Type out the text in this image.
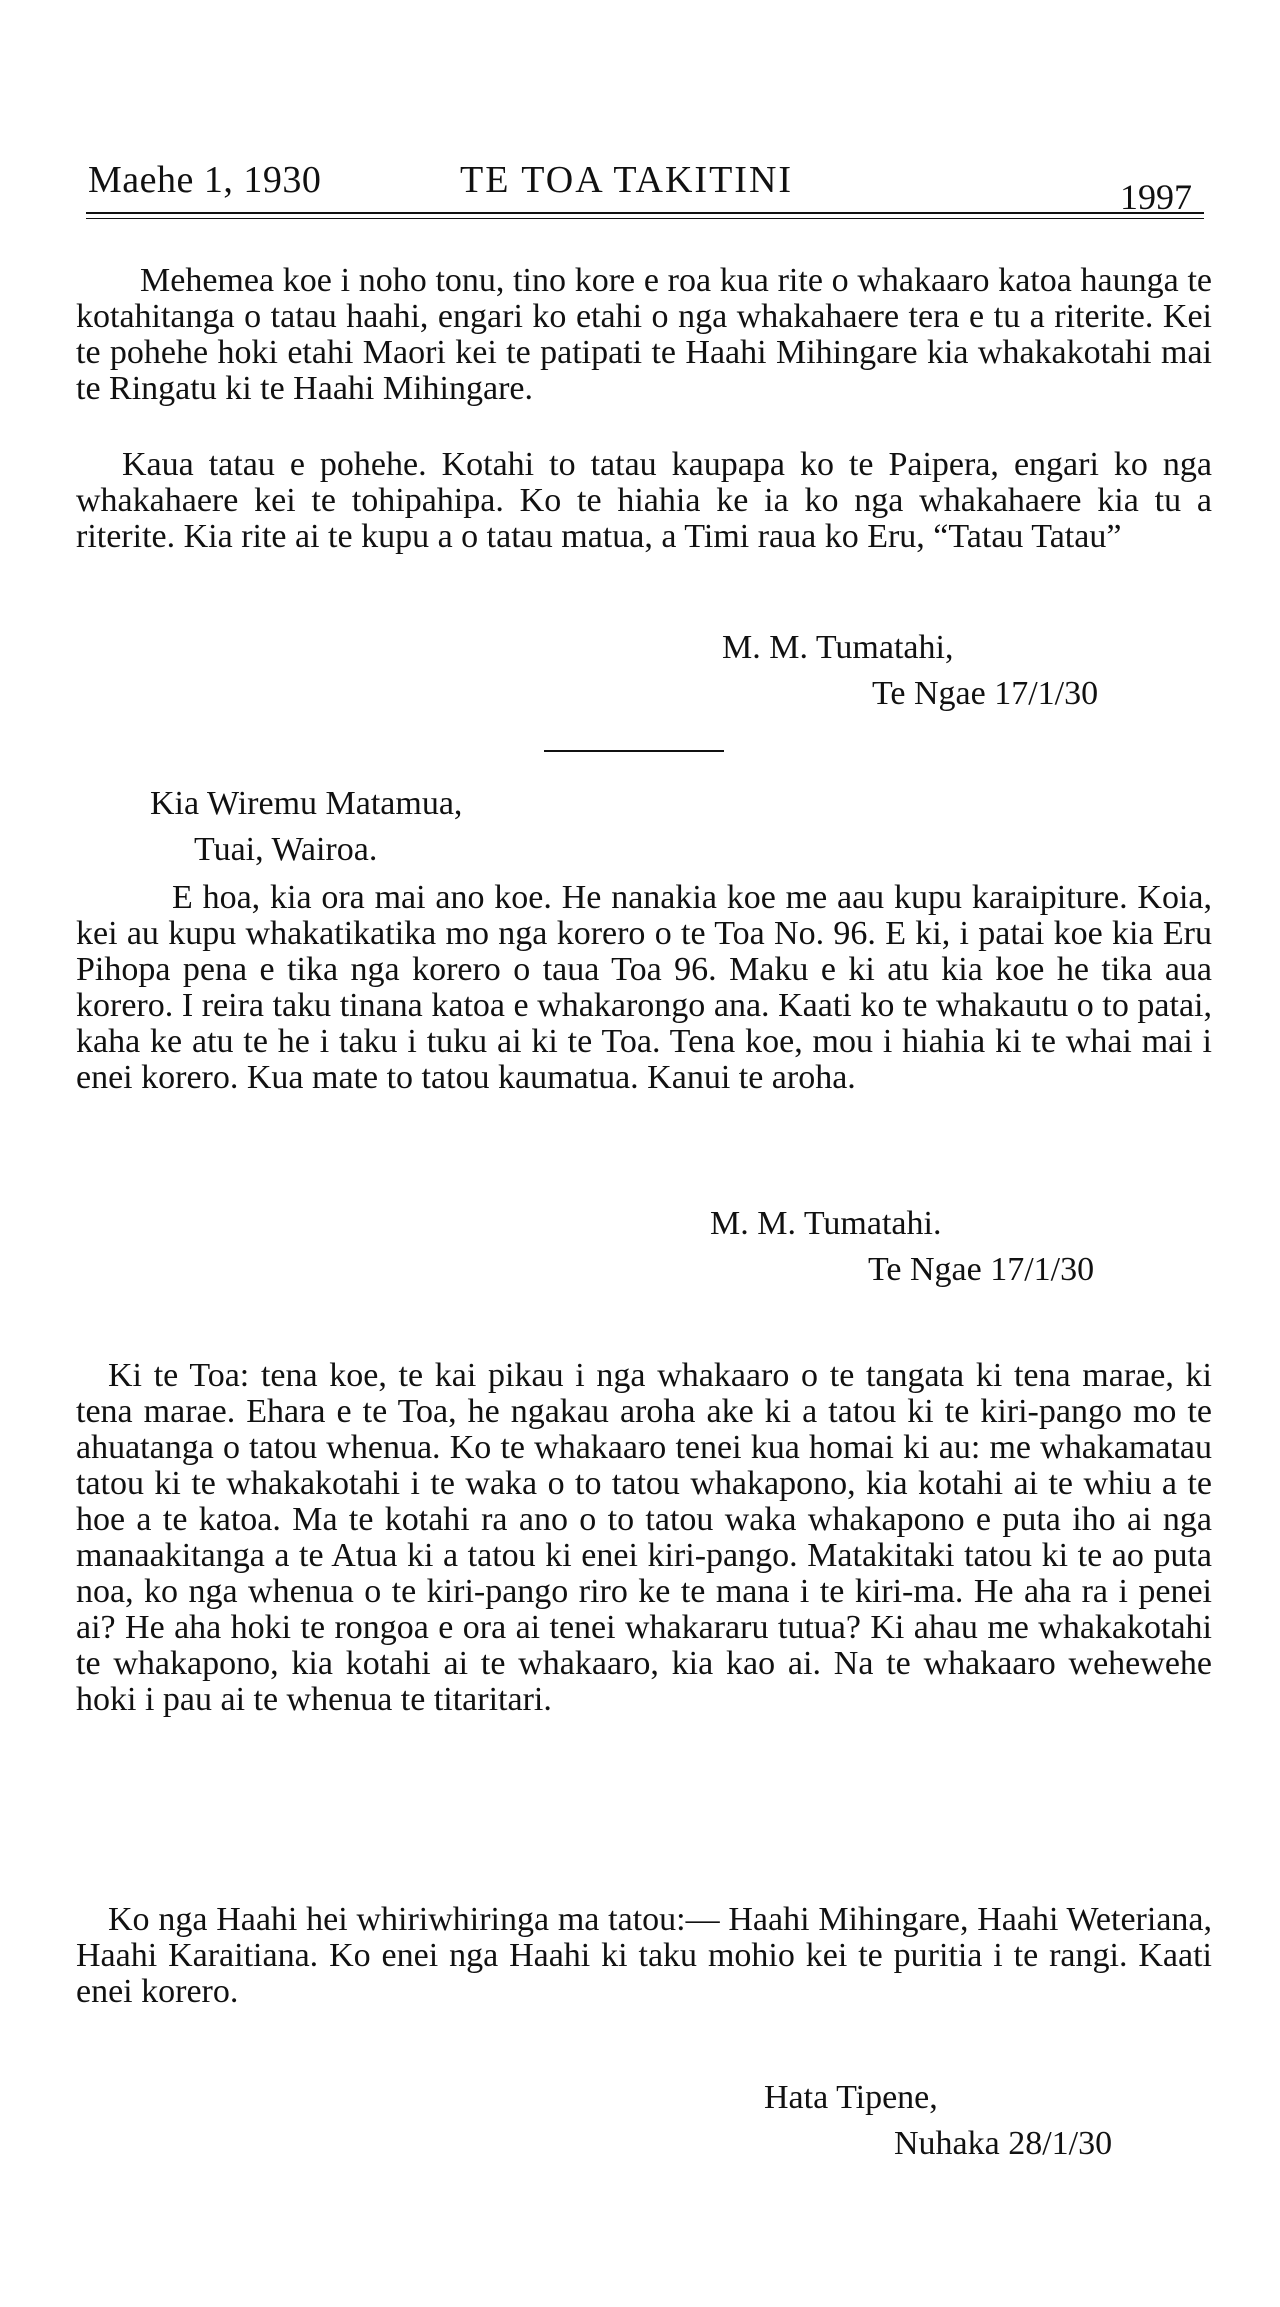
Maehe 1, 1930	TE TOA TAKITINI	1997

Mehemea koe i noho tonu, tino kore e roa kua rite o whakaaro katoa haunga te kotahitanga o tatau haahi, engari ko etahi o nga whakahaere tera e tu a riterite. Kei te pohehe hoki etahi Maori kei te patipati te Haahi Mihingare kia whakakotahi mai te Ringatu ki te Haahi Mihingare.

Kaua tatau e pohehe. Kotahi to tatau kaupapa ko te Paipera, engari ko nga whakahaere kei te tohipahipa. Ko te hiahia ke ia ko nga whakahaere kia tu a riterite. Kia rite ai te kupu a o tatau matua, a Timi raua ko Eru, “Tatau Tatau”

M. M. Tumatahi,
Te Ngae 17/1/30
Kia Wiremu Matamua,
Tuai, Wairoa.

E hoa, kia ora mai ano koe. He nanakia koe me aau kupu karaipiture. Koia, kei au kupu whakatikatika mo nga korero o te Toa No. 96. E ki, i patai koe kia Eru Pihopa pena e tika nga korero o taua Toa 96. Maku e ki atu kia koe he tika aua korero. I reira taku tinana katoa e whakarongo ana. Kaati ko te whakautu o to patai, kaha ke atu te he i taku i tuku ai ki te Toa. Tena koe, mou i hiahia ki te whai mai i enei korero. Kua mate to tatou kaumatua. Kanui te aroha.

M. M. Tumatahi.
Te Ngae 17/1/30

Ki te Toa: tena koe, te kai pikau i nga whakaaro o te tangata ki tena marae, ki tena marae. Ehara e te Toa, he ngakau aroha ake ki a tatou ki te kiri-pango mo te ahuatanga o tatou whenua. Ko te whakaaro tenei kua homai ki au: me whakamatau tatou ki te whakakotahi i te waka o to tatou whakapono, kia kotahi ai te whiu a te hoe a te katoa. Ma te kotahi ra ano o to tatou waka whakapono e puta iho ai nga manaakitanga a te Atua ki a tatou ki enei kiri-pango. Matakitaki tatou ki te ao puta noa, ko nga whenua o te kiri-pango riro ke te mana i te kiri-ma. He aha ra i penei ai? He aha hoki te rongoa e ora ai tenei whakararu tutua? Ki ahau me whakakotahi te whakapono, kia kotahi ai te whakaaro, kia kao ai. Na te whakaaro wehewehe hoki i pau ai te whenua te titaritari.

Ko nga Haahi hei whiriwhiringa ma tatou:— Haahi Mihingare, Haahi Weteriana, Haahi Karaitiana. Ko enei nga Haahi ki taku mohio kei te puritia i te rangi. Kaati enei korero.

Hata Tipene,
Nuhaka 28/1/30
